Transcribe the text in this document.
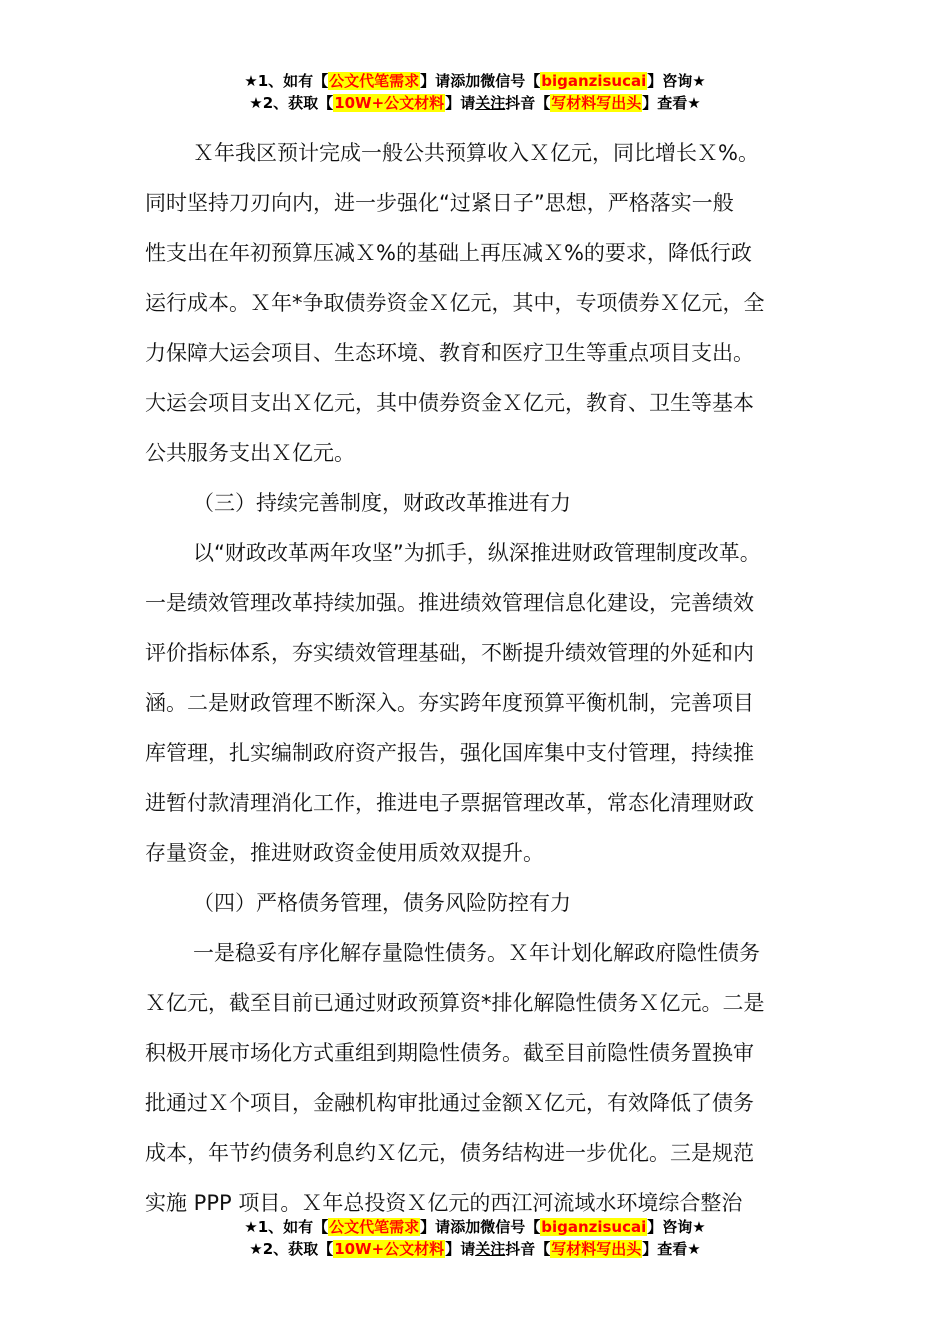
★1、如有【公文代笔需求】请添加微信号【biganzisucai】咨询★
★2、获取【10W+公文材料】请关注抖音【写材料写出头】查看★

Ｘ年我区预计完成一般公共预算收入Ｘ亿元，同比增长Ｘ%。

同时坚持刀刃向内，进一步强化“过紧日子”思想，严格落实一般

性支出在年初预算压减Ｘ%的基础上再压减Ｘ%的要求，降低行政

运行成本。Ｘ年*争取债券资金Ｘ亿元，其中，专项债券Ｘ亿元，全

力保障大运会项目、生态环境、教育和医疗卫生等重点项目支出。

大运会项目支出Ｘ亿元，其中债券资金Ｘ亿元，教育、卫生等基本

公共服务支出Ｘ亿元。

（三）持续完善制度，财政改革推进有力

以“财政改革两年攻坚”为抓手，纵深推进财政管理制度改革。

一是绩效管理改革持续加强。推进绩效管理信息化建设，完善绩效

评价指标体系，夯实绩效管理基础，不断提升绩效管理的外延和内

涵。二是财政管理不断深入。夯实跨年度预算平衡机制，完善项目

库管理，扎实编制政府资产报告，强化国库集中支付管理，持续推

进暂付款清理消化工作，推进电子票据管理改革，常态化清理财政

存量资金，推进财政资金使用质效双提升。

（四）严格债务管理，债务风险防控有力

一是稳妥有序化解存量隐性债务。Ｘ年计划化解政府隐性债务

Ｘ亿元，截至目前已通过财政预算资*排化解隐性债务Ｘ亿元。二是

积极开展市场化方式重组到期隐性债务。截至目前隐性债务置换审

批通过Ｘ个项目，金融机构审批通过金额Ｘ亿元，有效降低了债务

成本，年节约债务利息约Ｘ亿元，债务结构进一步优化。三是规范

实施 PPP 项目。Ｘ年总投资Ｘ亿元的西江河流域水环境综合整治

★1、如有【公文代笔需求】请添加微信号【biganzisucai】咨询★
★2、获取【10W+公文材料】请关注抖音【写材料写出头】查看★
